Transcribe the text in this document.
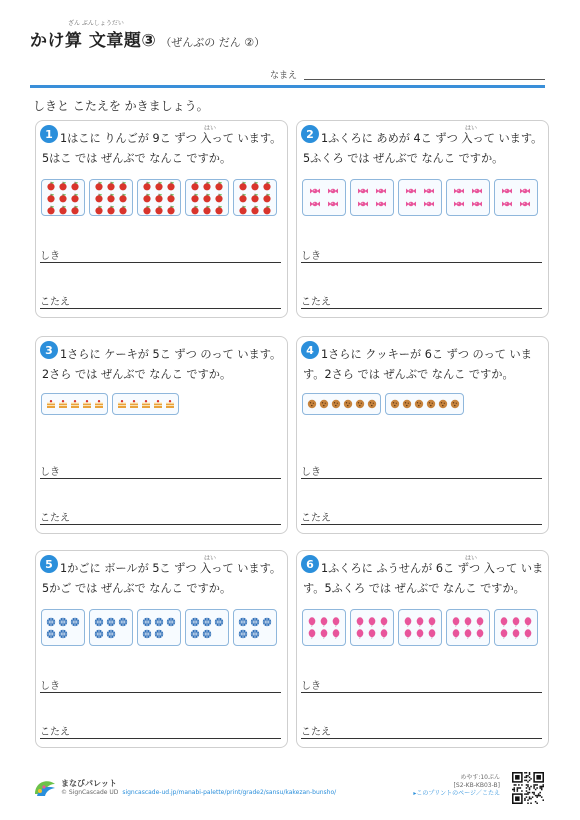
かけ算 文章題③ （ぜんぶの だん ②）
ざん ぶんしょうだい
なまえ
しきと こたえを かきましょう。
1 1はこに りんごが 9こ ずつ 入って います。5はこ では ぜんぶで なんこ ですか。
はい
しき
こたえ
2 1ふくろに あめが 4こ ずつ 入って います。5ふくろ では ぜんぶで なんこ ですか。
はい
しき
こたえ
3 1さらに ケーキが 5こ ずつ のって います。2さら では ぜんぶで なんこ ですか。
しき
こたえ
4 1さらに クッキーが 6こ ずつ のって います。2さら では ぜんぶで なんこ ですか。
しき
こたえ
5 1かごに ボールが 5こ ずつ 入って います。5かご では ぜんぶで なんこ ですか。
はい
しき
こたえ
6 1ふくろに ふうせんが 6こ ずつ 入って います。5ふくろ では ぜんぶで なんこ ですか。
はい
しき
こたえ
まなびパレット
© SignCascade UD signcascade-ud.jp/manabi-palette/print/grade2/sansu/kakezan-bunsho/
めやす:10ぷん
[S2-KB-KB03-B]
▸このプリントのページ／こたえ
